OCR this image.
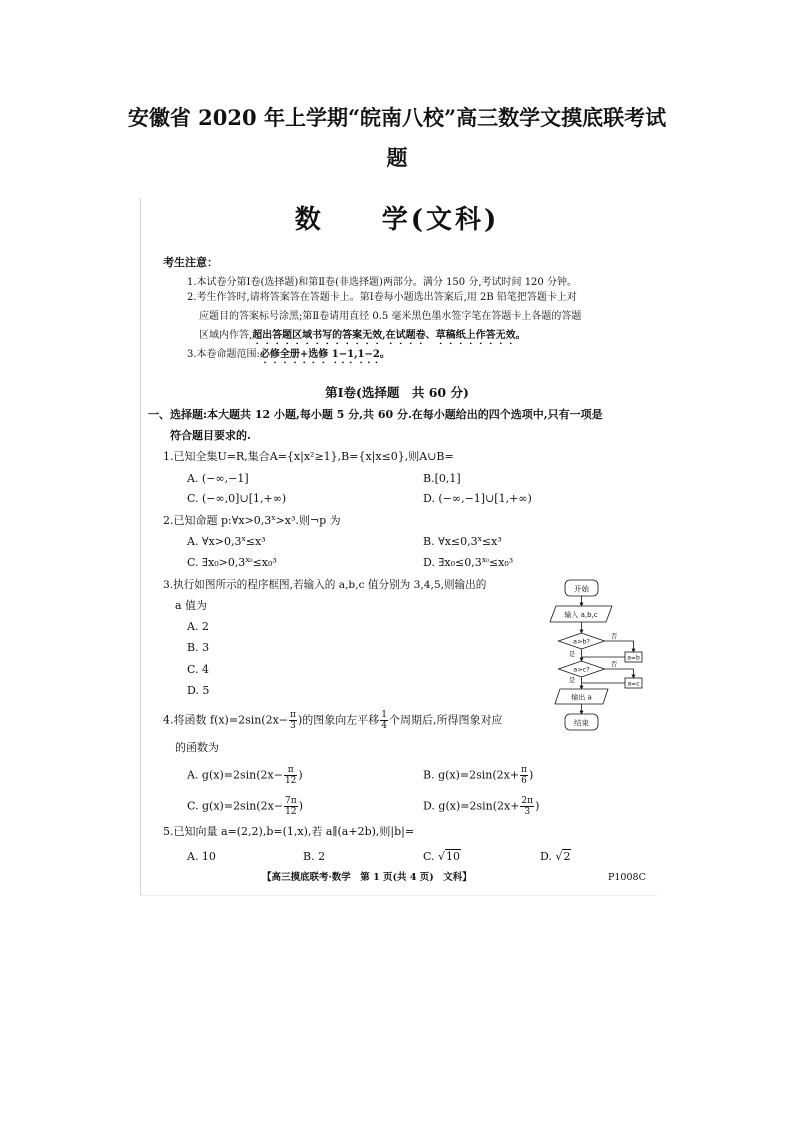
安徽省 2020 年上学期“皖南八校”高三数学文摸底联考试
题
数　　学(文科)
考生注意：
1.本试卷分第Ⅰ卷(选择题)和第Ⅱ卷(非选择题)两部分。满分 150 分,考试时间 120 分钟。
2.考生作答时,请将答案答在答题卡上。第Ⅰ卷每小题选出答案后,用 2B 铅笔把答题卡上对
应题目的答案标号涂黑;第Ⅱ卷请用直径 0.5 毫米黑色墨水签字笔在答题卡上各题的答题
区域内作答,超出答题区域书写的答案无效,在试题卷、草稿纸上作答无效。
3.本卷命题范围:必修全册+选修 1−1,1−2。
第Ⅰ卷(选择题　共 60 分)
一、选择题:本大题共 12 小题,每小题 5 分,共 60 分.在每小题给出的四个选项中,只有一项是
符合题目要求的.
1.已知全集U=R,集合A={x|x²≥1},B={x|x≤0},则A∪B=
A. (−∞,−1]	B.[0,1]
C. (−∞,0]∪[1,+∞)	D. (−∞,−1]∪[1,+∞)
2.已知命题 $p:\forall x>0,3^x>x^3$.则¬p 为
A. $\forall x>0,3^x\le x^3$	B. $\forall x\le 0,3^x\le x^3$
C. $\exists x_0>0,3^{x_0}\le x_0^3$	D. $\exists x_0\le 0,3^{x_0}\le x_0^3$
3.执行如图所示的程序框图,若输入的 a,b,c 值分别为 3,4,5,则输出的
a 值为
A. 2
B. 3
C. 4
D. 5
开始
输入 a,b,c
a>b?
否
a=b
是
a>c?
否
a=c
是
输出 a
结束
4.将函数 $f(x)=2\sin(2x- \frac{\pi}{3}$ )的图象向左平移 $\frac{1}{4}$ 个周期后,所得图象对应
的函数为
A. $g(x)=2\sin(2x- \frac{\pi}{12}$ )	B. $g(x)=2\sin(2x+ \frac{\pi}{6}$ )
C. $g(x)=2\sin(2x- \frac{7\pi}{12}$ )	D. $g(x)=2\sin(2x+ \frac{2\pi}{3}$ )
5.已知向量 a=(2,2),b=(1,x),若 a∥(a+2b),则|b|=
A. 10	B. 2	C. √10	D. √2
【高三摸底联考·数学　第 1 页(共 4 页)　文科】	P1008C
